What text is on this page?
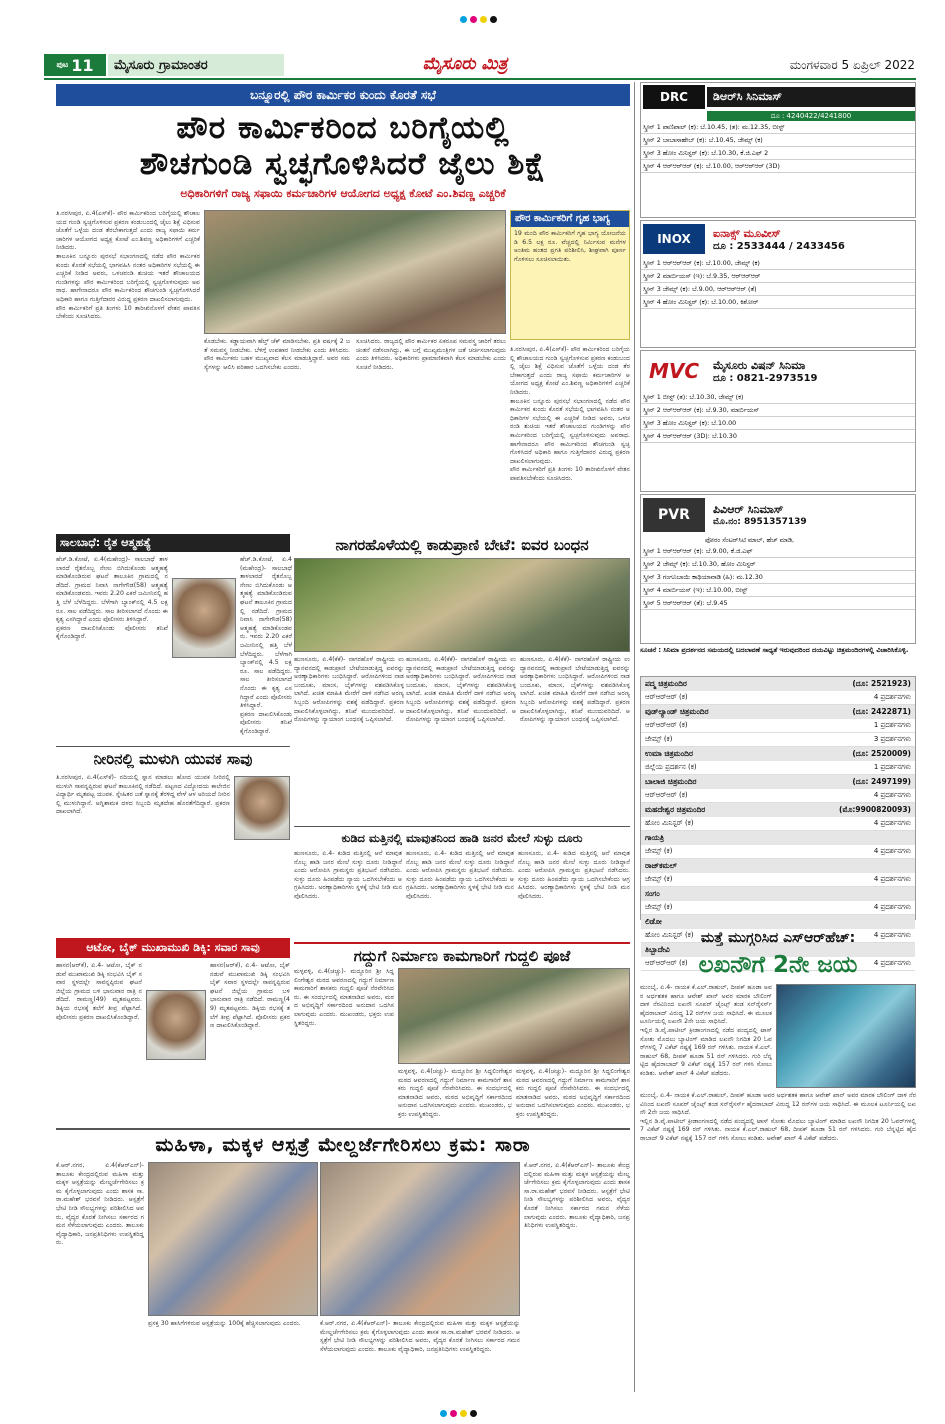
ಪುಟ 11	ಮೈಸೂರು ಗ್ರಾಮಾಂತರ	ಮೈಸೂರು ಮಿತ್ರ	ಮಂಗಳವಾರ 5 ಏಪ್ರಿಲ್ 2022
ಬನ್ನೂರಲ್ಲಿ ಪೌರ ಕಾರ್ಮಿಕರ ಕುಂದು ಕೊರತೆ ಸಭೆ
ಪೌರ ಕಾರ್ಮಿಕರಿಂದ ಬರಿಗೈಯಲ್ಲಿ
ಶೌಚಗುಂಡಿ ಸ್ವಚ್ಛಗೊಳಿಸಿದರೆ ಜೈಲು ಶಿಕ್ಷೆ
ಅಧಿಕಾರಿಗಳಿಗೆ ರಾಜ್ಯ ಸಫಾಯಿ ಕರ್ಮಚಾರಿಗಳ ಆಯೋಗದ ಅಧ್ಯಕ್ಷ ಕೋಟೆ ಎಂ.ಶಿವಣ್ಣ ಎಚ್ಚರಿಕೆ
ತಿ.ನರಸೀಪುರ, ಏ.4(ಎಸ್‌ಕೆ)- ಪೌರ ಕಾರ್ಮಿಕರಿಂದ ಬರಿಗೈಯಲ್ಲಿ ಶೌಚಾಲಯದ ಗುಂಡಿ ಸ್ವಚ್ಛಗೊಳಿಸುವ ಪ್ರಕರಣ ಕಂಡುಬಂದಲ್ಲಿ ಜೈಲು ಶಿಕ್ಷೆ ವಿಧಿಸುವ ಜೊತೆಗೆ ಒಳ್ಳೆಯ ದಂಡ ತೆರಬೇಕಾಗುತ್ತದೆ ಎಂದು ರಾಜ್ಯ ಸಫಾಯಿ ಕರ್ಮಚಾರಿಗಳ ಆಯೋಗದ ಅಧ್ಯಕ್ಷ ಕೋಟೆ ಎಂ.ಶಿವಣ್ಣ ಅಧಿಕಾರಿಗಳಿಗೆ ಎಚ್ಚರಿಕೆ ನೀಡಿದರು.
ತಾಲೂಕಿನ ಬನ್ನೂರು ಪುರಸಭೆ ಸಭಾಂಗಣದಲ್ಲಿ ನಡೆದ ಪೌರ ಕಾರ್ಮಿಕರ ಕುಂದು ಕೊರತೆ ಸಭೆಯಲ್ಲಿ ಭಾಗವಹಿಸಿ ನಂತರ ಅಧಿಕಾರಿಗಳ ಸಭೆಯಲ್ಲಿ ಈ ಎಚ್ಚರಿಕೆ ನೀಡಿದ ಅವರು, ಒಳಚರಂಡಿ ಶುಚಿಯ ಇತರೆ ಶೌಚಾಲಯದ ಗುಂಡಿಗಳನ್ನು ಪೌರ ಕಾರ್ಮಿಕರಿಂದ ಬರಿಗೈಯಲ್ಲಿ ಸ್ವಚ್ಛಗೊಳಿಸುವುದು ಅಪರಾಧ. ಹಾಗೇನಾದರೂ ಪೌರ ಕಾರ್ಮಿಕರಿಂದ ಶೌಚಗುಂಡಿ ಸ್ವಚ್ಛಗೊಳಿಸಿದರೆ ಅಧಿಕಾರಿ ಹಾಗೂ ಗುತ್ತಿಗೆದಾರರ ವಿರುದ್ಧ ಪ್ರಕರಣ ದಾಖಲಿಸಲಾಗುವುದು.
ಪೌರ ಕಾರ್ಮಿಕರಿಗೆ ಪ್ರತಿ ತಿಂಗಳು 10 ತಾರೀಖಿನೊಳಗೆ ವೇತನ ಪಾವತಿಸಬೇಕೆಂದು ಸೂಚಿಸಿದರು.
ಕೊಡಬೇಕು. ಕಡ್ಡಾಯವಾಗಿ ಹೆಲ್ತ್ ಚೆಕ್ ಮಾಡಿಸಬೇಕು. ಪ್ರತಿ ವರ್ಷಕ್ಕೆ 2 ಜತೆ ಸಮವಸ್ತ್ರ ನೀಡಬೇಕು. ಬೆಳಿಗ್ಗೆ ಉಪಹಾರ ನೀಡಬೇಕು ಎಂದು ತಿಳಿಸಿದರು. ಪೌರ ಕಾರ್ಮಿಕರು ಬಹಳ ಮುಖ್ಯವಾದ ಕೆಲಸ ಮಾಡುತ್ತಿದ್ದಾರೆ. ಅವರ ಸಮಸ್ಯೆಗಳನ್ನು ಆಲಿಸಿ ಪರಿಹಾರ ಒದಗಿಸಬೇಕು ಎಂದರು.
ಸೂಚಿಸಿದರು. ರಾಜ್ಯದಲ್ಲಿ ಪೌರ ಕಾರ್ಮಿಕರ ಏಕರೂಪ ಸಮವಸ್ತ್ರ ಜಾರಿಗೆ ತರಲು ಚಿಂತನೆ ನಡೆಸಲಾಗಿದ್ದು, ಈ ಬಗ್ಗೆ ಮುಖ್ಯಮಂತ್ರಿಗಳ ಜತೆ ಚರ್ಚಿಸಲಾಗುವುದು ಎಂದು ತಿಳಿಸಿದರು. ಅಧಿಕಾರಿಗಳು ಪ್ರಾಮಾಣಿಕವಾಗಿ ಕೆಲಸ ಮಾಡಬೇಕು ಎಂದು ಸೂಚನೆ ನೀಡಿದರು.
ಪೌರ ಕಾರ್ಮಿಕರಿಗೆ ಗೃಹ ಭಾಗ್ಯ
19 ಮಂದಿ ಪೌರ ಕಾರ್ಮಿಕರಿಗೆ ಗೃಹ ಭಾಗ್ಯ ಯೋಜನೆಯಡಿ 6.5 ಲಕ್ಷ ರೂ. ವೆಚ್ಚದಲ್ಲಿ ನಿರ್ಮಿಸುವ ಮನೆಗಳ ಅಂತಿಮ ಹಂತದ ಪ್ರಗತಿ ಪರಿಶೀಲಿಸಿ, ಶೀಘ್ರವಾಗಿ ಪೂರ್ಣಗೊಳಿಸಲು ಸೂಚಿಸಲಾಯಿತು.
ತಿ.ನರಸೀಪುರ, ಏ.4(ಎಸ್‌ಕೆ)- ಪೌರ ಕಾರ್ಮಿಕರಿಂದ ಬರಿಗೈಯಲ್ಲಿ ಶೌಚಾಲಯದ ಗುಂಡಿ ಸ್ವಚ್ಛಗೊಳಿಸುವ ಪ್ರಕರಣ ಕಂಡುಬಂದಲ್ಲಿ ಜೈಲು ಶಿಕ್ಷೆ ವಿಧಿಸುವ ಜೊತೆಗೆ ಒಳ್ಳೆಯ ದಂಡ ತೆರಬೇಕಾಗುತ್ತದೆ ಎಂದು ರಾಜ್ಯ ಸಫಾಯಿ ಕರ್ಮಚಾರಿಗಳ ಆಯೋಗದ ಅಧ್ಯಕ್ಷ ಕೋಟೆ ಎಂ.ಶಿವಣ್ಣ ಅಧಿಕಾರಿಗಳಿಗೆ ಎಚ್ಚರಿಕೆ ನೀಡಿದರು.
ತಾಲೂಕಿನ ಬನ್ನೂರು ಪುರಸಭೆ ಸಭಾಂಗಣದಲ್ಲಿ ನಡೆದ ಪೌರ ಕಾರ್ಮಿಕರ ಕುಂದು ಕೊರತೆ ಸಭೆಯಲ್ಲಿ ಭಾಗವಹಿಸಿ ನಂತರ ಅಧಿಕಾರಿಗಳ ಸಭೆಯಲ್ಲಿ ಈ ಎಚ್ಚರಿಕೆ ನೀಡಿದ ಅವರು, ಒಳಚರಂಡಿ ಶುಚಿಯ ಇತರೆ ಶೌಚಾಲಯದ ಗುಂಡಿಗಳನ್ನು ಪೌರ ಕಾರ್ಮಿಕರಿಂದ ಬರಿಗೈಯಲ್ಲಿ ಸ್ವಚ್ಛಗೊಳಿಸುವುದು ಅಪರಾಧ. ಹಾಗೇನಾದರೂ ಪೌರ ಕಾರ್ಮಿಕರಿಂದ ಶೌಚಗುಂಡಿ ಸ್ವಚ್ಛಗೊಳಿಸಿದರೆ ಅಧಿಕಾರಿ ಹಾಗೂ ಗುತ್ತಿಗೆದಾರರ ವಿರುದ್ಧ ಪ್ರಕರಣ ದಾಖಲಿಸಲಾಗುವುದು.
ಪೌರ ಕಾರ್ಮಿಕರಿಗೆ ಪ್ರತಿ ತಿಂಗಳು 10 ತಾರೀಖಿನೊಳಗೆ ವೇತನ ಪಾವತಿಸಬೇಕೆಂದು ಸೂಚಿಸಿದರು.
ಸಾಲಬಾಧೆ: ರೈತ ಆತ್ಮಹತ್ಯೆ
ಹೆಚ್.ಡಿ.ಕೋಟೆ, ಏ.4(ಮಹೇಂದ್ರ)- ಸಾಲಬಾಧೆ ತಾಳಲಾರದೆ ರೈತನೊಬ್ಬ ನೇಣು ಬಿಗಿದುಕೊಂಡು ಆತ್ಮಹತ್ಯೆ ಮಾಡಿಕೊಂಡಿರುವ ಘಟನೆ ತಾಲೂಕಿನ ಗ್ರಾಮದಲ್ಲಿ ನಡೆದಿದೆ. ಗ್ರಾಮದ ನಿವಾಸಿ ನಾಗೇಗೌಡ(58) ಆತ್ಮಹತ್ಯೆ ಮಾಡಿಕೊಂಡವರು. ಇವರು 2.20 ಎಕರೆ ಜಮೀನಿನಲ್ಲಿ ಹತ್ತಿ ಬೆಳೆ ಬೆಳೆದಿದ್ದರು. ಬೆಳೆಗಾಗಿ ಬ್ಯಾಂಕ್‌ನಲ್ಲಿ 4.5 ಲಕ್ಷ ರೂ. ಸಾಲ ಪಡೆದಿದ್ದರು. ಸಾಲ ತೀರಿಸಲಾಗದೆ ನೊಂದು ಈ ಕೃತ್ಯ ಎಸಗಿದ್ದಾರೆ ಎಂದು ಪೊಲೀಸರು ತಿಳಿಸಿದ್ದಾರೆ.
ಪ್ರಕರಣ ದಾಖಲಿಸಿಕೊಂಡು ಪೊಲೀಸರು ತನಿಖೆ ಕೈಗೊಂಡಿದ್ದಾರೆ.
ಹೆಚ್.ಡಿ.ಕೋಟೆ, ಏ.4(ಮಹೇಂದ್ರ)- ಸಾಲಬಾಧೆ ತಾಳಲಾರದೆ ರೈತನೊಬ್ಬ ನೇಣು ಬಿಗಿದುಕೊಂಡು ಆತ್ಮಹತ್ಯೆ ಮಾಡಿಕೊಂಡಿರುವ ಘಟನೆ ತಾಲೂಕಿನ ಗ್ರಾಮದಲ್ಲಿ ನಡೆದಿದೆ. ಗ್ರಾಮದ ನಿವಾಸಿ ನಾಗೇಗೌಡ(58) ಆತ್ಮಹತ್ಯೆ ಮಾಡಿಕೊಂಡವರು. ಇವರು 2.20 ಎಕರೆ ಜಮೀನಿನಲ್ಲಿ ಹತ್ತಿ ಬೆಳೆ ಬೆಳೆದಿದ್ದರು. ಬೆಳೆಗಾಗಿ ಬ್ಯಾಂಕ್‌ನಲ್ಲಿ 4.5 ಲಕ್ಷ ರೂ. ಸಾಲ ಪಡೆದಿದ್ದರು. ಸಾಲ ತೀರಿಸಲಾಗದೆ ನೊಂದು ಈ ಕೃತ್ಯ ಎಸಗಿದ್ದಾರೆ ಎಂದು ಪೊಲೀಸರು ತಿಳಿಸಿದ್ದಾರೆ.
ಪ್ರಕರಣ ದಾಖಲಿಸಿಕೊಂಡು ಪೊಲೀಸರು ತನಿಖೆ ಕೈಗೊಂಡಿದ್ದಾರೆ.
ನೀರಿನಲ್ಲಿ ಮುಳುಗಿ ಯುವಕ ಸಾವು
ತಿ.ನರಸೀಪುರ, ಏ.4(ಎಸ್‌ಕೆ)- ನದಿಯಲ್ಲಿ ಸ್ನಾನ ಮಾಡಲು ಹೋದ ಯುವಕ ನೀರಿನಲ್ಲಿ ಮುಳುಗಿ ಸಾವನ್ನಪ್ಪಿರುವ ಘಟನೆ ತಾಲೂಕಿನಲ್ಲಿ ನಡೆದಿದೆ. ಪಟ್ಟಣದ ವಿದ್ಯೋದಯ ಕಾಲೇಜಿನ ವಿದ್ಯಾರ್ಥಿ ಮೃತಪಟ್ಟ ಯುವಕ. ಸ್ನೇಹಿತರ ಜತೆ ಸ್ನಾನಕ್ಕೆ ತೆರಳಿದ್ದ ವೇಳೆ ಆಳ ಅರಿಯದೆ ನೀರಿನಲ್ಲಿ ಮುಳುಗಿದ್ದಾನೆ. ಅಗ್ನಿಶಾಮಕ ದಳದ ಸಿಬ್ಬಂದಿ ಮೃತದೇಹ ಹೊರತೆಗೆದಿದ್ದಾರೆ. ಪ್ರಕರಣ ದಾಖಲಾಗಿದೆ.
ಆಟೋ, ಬೈಕ್ ಮುಖಾಮುಖಿ ಡಿಕ್ಕಿ: ಸವಾರ ಸಾವು
ಹಾಸನ(ಆರ್‌ಕೆ), ಏ.4- ಆಟೋ, ಬೈಕ್ ನಡುವೆ ಮುಖಾಮುಖಿ ಡಿಕ್ಕಿ ಸಂಭವಿಸಿ ಬೈಕ್ ಸವಾರ ಸ್ಥಳದಲ್ಲೇ ಸಾವನ್ನಪ್ಪಿರುವ ಘಟನೆ ಜಿಲ್ಲೆಯ ಗ್ರಾಮದ ಬಳಿ ಭಾನುವಾರ ರಾತ್ರಿ ನಡೆದಿದೆ. ರಾಮಣ್ಣ(49) ಮೃತಪಟ್ಟವರು. ಡಿಕ್ಕಿಯ ರಭಸಕ್ಕೆ ತಲೆಗೆ ತೀವ್ರ ಪೆಟ್ಟಾಗಿದೆ. ಪೊಲೀಸರು ಪ್ರಕರಣ ದಾಖಲಿಸಿಕೊಂಡಿದ್ದಾರೆ.
ಹಾಸನ(ಆರ್‌ಕೆ), ಏ.4- ಆಟೋ, ಬೈಕ್ ನಡುವೆ ಮುಖಾಮುಖಿ ಡಿಕ್ಕಿ ಸಂಭವಿಸಿ ಬೈಕ್ ಸವಾರ ಸ್ಥಳದಲ್ಲೇ ಸಾವನ್ನಪ್ಪಿರುವ ಘಟನೆ ಜಿಲ್ಲೆಯ ಗ್ರಾಮದ ಬಳಿ ಭಾನುವಾರ ರಾತ್ರಿ ನಡೆದಿದೆ. ರಾಮಣ್ಣ(49) ಮೃತಪಟ್ಟವರು. ಡಿಕ್ಕಿಯ ರಭಸಕ್ಕೆ ತಲೆಗೆ ತೀವ್ರ ಪೆಟ್ಟಾಗಿದೆ. ಪೊಲೀಸರು ಪ್ರಕರಣ ದಾಖಲಿಸಿಕೊಂಡಿದ್ದಾರೆ.
ನಾಗರಹೊಳೆಯಲ್ಲಿ ಕಾಡುಪ್ರಾಣಿ ಬೇಟೆ: ಐವರ ಬಂಧನ
ಹುಣಸೂರು, ಏ.4(ಕೆಕೆ)- ನಾಗರಹೊಳೆ ರಾಷ್ಟ್ರೀಯ ಉದ್ಯಾನವನದಲ್ಲಿ ಕಾಡುಪ್ರಾಣಿ ಬೇಟೆಯಾಡುತ್ತಿದ್ದ ಐವರನ್ನು ಅರಣ್ಯಾಧಿಕಾರಿಗಳು ಬಂಧಿಸಿದ್ದಾರೆ. ಆರೋಪಿಗಳಿಂದ ನಾಡ ಬಂದೂಕು, ಮಾಂಸ, ಬೈಕ್‌ಗಳನ್ನು ವಶಪಡಿಸಿಕೊಳ್ಳಲಾಗಿದೆ. ಖಚಿತ ಮಾಹಿತಿ ಮೇರೆಗೆ ದಾಳಿ ನಡೆಸಿದ ಅರಣ್ಯ ಸಿಬ್ಬಂದಿ ಆರೋಪಿಗಳನ್ನು ವಶಕ್ಕೆ ಪಡೆದಿದ್ದಾರೆ. ಪ್ರಕರಣ ದಾಖಲಿಸಿಕೊಳ್ಳಲಾಗಿದ್ದು, ತನಿಖೆ ಮುಂದುವರಿದಿದೆ. ಆರೋಪಿಗಳನ್ನು ನ್ಯಾಯಾಂಗ ಬಂಧನಕ್ಕೆ ಒಪ್ಪಿಸಲಾಗಿದೆ.
ಹುಣಸೂರು, ಏ.4(ಕೆಕೆ)- ನಾಗರಹೊಳೆ ರಾಷ್ಟ್ರೀಯ ಉದ್ಯಾನವನದಲ್ಲಿ ಕಾಡುಪ್ರಾಣಿ ಬೇಟೆಯಾಡುತ್ತಿದ್ದ ಐವರನ್ನು ಅರಣ್ಯಾಧಿಕಾರಿಗಳು ಬಂಧಿಸಿದ್ದಾರೆ. ಆರೋಪಿಗಳಿಂದ ನಾಡ ಬಂದೂಕು, ಮಾಂಸ, ಬೈಕ್‌ಗಳನ್ನು ವಶಪಡಿಸಿಕೊಳ್ಳಲಾಗಿದೆ. ಖಚಿತ ಮಾಹಿತಿ ಮೇರೆಗೆ ದಾಳಿ ನಡೆಸಿದ ಅರಣ್ಯ ಸಿಬ್ಬಂದಿ ಆರೋಪಿಗಳನ್ನು ವಶಕ್ಕೆ ಪಡೆದಿದ್ದಾರೆ. ಪ್ರಕರಣ ದಾಖಲಿಸಿಕೊಳ್ಳಲಾಗಿದ್ದು, ತನಿಖೆ ಮುಂದುವರಿದಿದೆ. ಆರೋಪಿಗಳನ್ನು ನ್ಯಾಯಾಂಗ ಬಂಧನಕ್ಕೆ ಒಪ್ಪಿಸಲಾಗಿದೆ.
ಹುಣಸೂರು, ಏ.4(ಕೆಕೆ)- ನಾಗರಹೊಳೆ ರಾಷ್ಟ್ರೀಯ ಉದ್ಯಾನವನದಲ್ಲಿ ಕಾಡುಪ್ರಾಣಿ ಬೇಟೆಯಾಡುತ್ತಿದ್ದ ಐವರನ್ನು ಅರಣ್ಯಾಧಿಕಾರಿಗಳು ಬಂಧಿಸಿದ್ದಾರೆ. ಆರೋಪಿಗಳಿಂದ ನಾಡ ಬಂದೂಕು, ಮಾಂಸ, ಬೈಕ್‌ಗಳನ್ನು ವಶಪಡಿಸಿಕೊಳ್ಳಲಾಗಿದೆ. ಖಚಿತ ಮಾಹಿತಿ ಮೇರೆಗೆ ದಾಳಿ ನಡೆಸಿದ ಅರಣ್ಯ ಸಿಬ್ಬಂದಿ ಆರೋಪಿಗಳನ್ನು ವಶಕ್ಕೆ ಪಡೆದಿದ್ದಾರೆ. ಪ್ರಕರಣ ದಾಖಲಿಸಿಕೊಳ್ಳಲಾಗಿದ್ದು, ತನಿಖೆ ಮುಂದುವರಿದಿದೆ. ಆರೋಪಿಗಳನ್ನು ನ್ಯಾಯಾಂಗ ಬಂಧನಕ್ಕೆ ಒಪ್ಪಿಸಲಾಗಿದೆ.
ಕುಡಿದ ಮತ್ತಿನಲ್ಲಿ ಮಾವುತನಿಂದ ಹಾಡಿ ಜನರ ಮೇಲೆ ಸುಳ್ಳು ದೂರು
ಹುಣಸೂರು, ಏ.4- ಕುಡಿದ ಮತ್ತಿನಲ್ಲಿ ಆನೆ ಮಾವುತ ನೊಬ್ಬ ಹಾಡಿ ಜನರ ಮೇಲೆ ಸುಳ್ಳು ದೂರು ನೀಡಿದ್ದಾನೆ ಎಂದು ಆರೋಪಿಸಿ ಗ್ರಾಮಸ್ಥರು ಪ್ರತಿಭಟನೆ ನಡೆಸಿದರು. ಸುಳ್ಳು ದೂರು ಹಿಂಪಡೆದು ನ್ಯಾಯ ಒದಗಿಸಬೇಕೆಂದು ಆಗ್ರಹಿಸಿದರು. ಅರಣ್ಯಾಧಿಕಾರಿಗಳು ಸ್ಥಳಕ್ಕೆ ಭೇಟಿ ನೀಡಿ ಮನವೊಲಿಸಿದರು.
ಹುಣಸೂರು, ಏ.4- ಕುಡಿದ ಮತ್ತಿನಲ್ಲಿ ಆನೆ ಮಾವುತ ನೊಬ್ಬ ಹಾಡಿ ಜನರ ಮೇಲೆ ಸುಳ್ಳು ದೂರು ನೀಡಿದ್ದಾನೆ ಎಂದು ಆರೋಪಿಸಿ ಗ್ರಾಮಸ್ಥರು ಪ್ರತಿಭಟನೆ ನಡೆಸಿದರು. ಸುಳ್ಳು ದೂರು ಹಿಂಪಡೆದು ನ್ಯಾಯ ಒದಗಿಸಬೇಕೆಂದು ಆಗ್ರಹಿಸಿದರು. ಅರಣ್ಯಾಧಿಕಾರಿಗಳು ಸ್ಥಳಕ್ಕೆ ಭೇಟಿ ನೀಡಿ ಮನವೊಲಿಸಿದರು.
ಹುಣಸೂರು, ಏ.4- ಕುಡಿದ ಮತ್ತಿನಲ್ಲಿ ಆನೆ ಮಾವುತ ನೊಬ್ಬ ಹಾಡಿ ಜನರ ಮೇಲೆ ಸುಳ್ಳು ದೂರು ನೀಡಿದ್ದಾನೆ ಎಂದು ಆರೋಪಿಸಿ ಗ್ರಾಮಸ್ಥರು ಪ್ರತಿಭಟನೆ ನಡೆಸಿದರು. ಸುಳ್ಳು ದೂರು ಹಿಂಪಡೆದು ನ್ಯಾಯ ಒದಗಿಸಬೇಕೆಂದು ಆಗ್ರಹಿಸಿದರು. ಅರಣ್ಯಾಧಿಕಾರಿಗಳು ಸ್ಥಳಕ್ಕೆ ಭೇಟಿ ನೀಡಿ ಮನವೊಲಿಸಿದರು.
ಗದ್ದುಗೆ ನಿರ್ಮಾಣ ಕಾಮಗಾರಿಗೆ ಗುದ್ದಲಿ ಪೂಜೆ
ಮಳ್ಳವಳ್ಳಿ, ಏ.4(ಚಚ್ಚು)- ಮದ್ದೂರಿನ ಶ್ರೀ ಸಿದ್ದಲಿಂಗೇಶ್ವರ ಮಠದ ಆವರಣದಲ್ಲಿ ಗದ್ದುಗೆ ನಿರ್ಮಾಣ ಕಾಮಗಾರಿಗೆ ಶಾಸಕರು ಗುದ್ದಲಿ ಪೂಜೆ ನೆರವೇರಿಸಿದರು. ಈ ಸಂದರ್ಭದಲ್ಲಿ ಮಾತನಾಡಿದ ಅವರು, ಮಠದ ಅಭಿವೃದ್ಧಿಗೆ ಸರ್ಕಾರದಿಂದ ಅನುದಾನ ಒದಗಿಸಲಾಗುವುದು ಎಂದರು. ಮುಖಂಡರು, ಭಕ್ತರು ಉಪಸ್ಥಿತರಿದ್ದರು.
ಮಳ್ಳವಳ್ಳಿ, ಏ.4(ಚಚ್ಚು)- ಮದ್ದೂರಿನ ಶ್ರೀ ಸಿದ್ದಲಿಂಗೇಶ್ವರ ಮಠದ ಆವರಣದಲ್ಲಿ ಗದ್ದುಗೆ ನಿರ್ಮಾಣ ಕಾಮಗಾರಿಗೆ ಶಾಸಕರು ಗುದ್ದಲಿ ಪೂಜೆ ನೆರವೇರಿಸಿದರು. ಈ ಸಂದರ್ಭದಲ್ಲಿ ಮಾತನಾಡಿದ ಅವರು, ಮಠದ ಅಭಿವೃದ್ಧಿಗೆ ಸರ್ಕಾರದಿಂದ ಅನುದಾನ ಒದಗಿಸಲಾಗುವುದು ಎಂದರು. ಮುಖಂಡರು, ಭಕ್ತರು ಉಪಸ್ಥಿತರಿದ್ದರು.
ಮಳ್ಳವಳ್ಳಿ, ಏ.4(ಚಚ್ಚು)- ಮದ್ದೂರಿನ ಶ್ರೀ ಸಿದ್ದಲಿಂಗೇಶ್ವರ ಮಠದ ಆವರಣದಲ್ಲಿ ಗದ್ದುಗೆ ನಿರ್ಮಾಣ ಕಾಮಗಾರಿಗೆ ಶಾಸಕರು ಗುದ್ದಲಿ ಪೂಜೆ ನೆರವೇರಿಸಿದರು. ಈ ಸಂದರ್ಭದಲ್ಲಿ ಮಾತನಾಡಿದ ಅವರು, ಮಠದ ಅಭಿವೃದ್ಧಿಗೆ ಸರ್ಕಾರದಿಂದ ಅನುದಾನ ಒದಗಿಸಲಾಗುವುದು ಎಂದರು. ಮುಖಂಡರು, ಭಕ್ತರು ಉಪಸ್ಥಿತರಿದ್ದರು.
ಮಹಿಳಾ, ಮಕ್ಕಳ ಆಸ್ಪತ್ರೆ ಮೇಲ್ದರ್ಜೆಗೇರಿಸಲು ಕ್ರಮ: ಸಾರಾ
ಕೆ.ಆರ್.ನಗರ, ಏ.4(ಕೆಆರ್‌ಎನ್)- ತಾಲೂಕು ಕೇಂದ್ರದಲ್ಲಿರುವ ಮಹಿಳಾ ಮತ್ತು ಮಕ್ಕಳ ಆಸ್ಪತ್ರೆಯನ್ನು ಮೇಲ್ದರ್ಜೆಗೇರಿಸಲು ಕ್ರಮ ಕೈಗೊಳ್ಳಲಾಗುವುದು ಎಂದು ಶಾಸಕ ಸಾ.ರಾ.ಮಹೇಶ್ ಭರವಸೆ ನೀಡಿದರು. ಆಸ್ಪತ್ರೆಗೆ ಭೇಟಿ ನೀಡಿ ಸೌಲಭ್ಯಗಳನ್ನು ಪರಿಶೀಲಿಸಿದ ಅವರು, ವೈದ್ಯರ ಕೊರತೆ ನೀಗಿಸಲು ಸರ್ಕಾರದ ಗಮನ ಸೆಳೆಯಲಾಗುವುದು ಎಂದರು. ತಾಲೂಕು ವೈದ್ಯಾಧಿಕಾರಿ, ಜನಪ್ರತಿನಿಧಿಗಳು ಉಪಸ್ಥಿತರಿದ್ದರು.
ಪ್ರಸಕ್ತ 30 ಹಾಸಿಗೆಗಳಿರುವ ಆಸ್ಪತ್ರೆಯನ್ನು 100ಕ್ಕೆ ಹೆಚ್ಚಿಸಲಾಗುವುದು ಎಂದರು.	ಕೆ.ಆರ್.ನಗರ, ಏ.4(ಕೆಆರ್‌ಎನ್)- ತಾಲೂಕು ಕೇಂದ್ರದಲ್ಲಿರುವ ಮಹಿಳಾ ಮತ್ತು ಮಕ್ಕಳ ಆಸ್ಪತ್ರೆಯನ್ನು ಮೇಲ್ದರ್ಜೆಗೇರಿಸಲು ಕ್ರಮ ಕೈಗೊಳ್ಳಲಾಗುವುದು ಎಂದು ಶಾಸಕ ಸಾ.ರಾ.ಮಹೇಶ್ ಭರವಸೆ ನೀಡಿದರು. ಆಸ್ಪತ್ರೆಗೆ ಭೇಟಿ ನೀಡಿ ಸೌಲಭ್ಯಗಳನ್ನು ಪರಿಶೀಲಿಸಿದ ಅವರು, ವೈದ್ಯರ ಕೊರತೆ ನೀಗಿಸಲು ಸರ್ಕಾರದ ಗಮನ ಸೆಳೆಯಲಾಗುವುದು ಎಂದರು. ತಾಲೂಕು ವೈದ್ಯಾಧಿಕಾರಿ, ಜನಪ್ರತಿನಿಧಿಗಳು ಉಪಸ್ಥಿತರಿದ್ದರು.
ಕೆ.ಆರ್.ನಗರ, ಏ.4(ಕೆಆರ್‌ಎನ್)- ತಾಲೂಕು ಕೇಂದ್ರದಲ್ಲಿರುವ ಮಹಿಳಾ ಮತ್ತು ಮಕ್ಕಳ ಆಸ್ಪತ್ರೆಯನ್ನು ಮೇಲ್ದರ್ಜೆಗೇರಿಸಲು ಕ್ರಮ ಕೈಗೊಳ್ಳಲಾಗುವುದು ಎಂದು ಶಾಸಕ ಸಾ.ರಾ.ಮಹೇಶ್ ಭರವಸೆ ನೀಡಿದರು. ಆಸ್ಪತ್ರೆಗೆ ಭೇಟಿ ನೀಡಿ ಸೌಲಭ್ಯಗಳನ್ನು ಪರಿಶೀಲಿಸಿದ ಅವರು, ವೈದ್ಯರ ಕೊರತೆ ನೀಗಿಸಲು ಸರ್ಕಾರದ ಗಮನ ಸೆಳೆಯಲಾಗುವುದು ಎಂದರು. ತಾಲೂಕು ವೈದ್ಯಾಧಿಕಾರಿ, ಜನಪ್ರತಿನಿಧಿಗಳು ಉಪಸ್ಥಿತರಿದ್ದರು.
DRC	ಡಿಆರ್‌ಸಿ ಸಿನಿಮಾಸ್
ದೂ : 4240422/4241800
ಸ್ಕ್ರೀನ್ 1 ಪಾಣಿಪಾಲ್ (ಕ): ಬೆ.10.45, (ತ): ಮ.12.35, ಬೀಸ್ಟ್
ಸ್ಕ್ರೀನ್ 2 ಬಾಬಾಸಾಹೇಬ್ (ಕ): ಬೆ.10.45, ಜೇಮ್ಸ್ (ಕ)
ಸ್ಕ್ರೀನ್ 3 ಹೋಂ ಮಿನಿಸ್ಟರ್ (ಕ): ಬೆ.10.30, ಕೆ.ಜಿ.ಎಫ್ 2
ಸ್ಕ್ರೀನ್ 4 ಆರ್‌ಆರ್‌ಆರ್ (ಕ): ಬೆ.10.00, ಆರ್‌ಆರ್‌ಆರ್ (3D)
INOX	ಐನಾಕ್ಸ್ ಮೂವೀಸ್
ದೂ : 2533444 / 2433456
ಸ್ಕ್ರೀನ್ 1 ಆರ್‌ಆರ್‌ಆರ್ (ಕ): ಬೆ.10.00, ಜೇಮ್ಸ್ (ಕ)
ಸ್ಕ್ರೀನ್ 2 ಮಾರ್ಬಿಯಸ್ (ಇ): ಬೆ.9.35, ಆರ್‌ಆರ್‌ಆರ್
ಸ್ಕ್ರೀನ್ 3 ಜೇಮ್ಸ್ (ಕ): ಬೆ.9.00, ಆರ್‌ಆರ್‌ಆರ್ (ತೆ)
ಸ್ಕ್ರೀನ್ 4 ಹೋಂ ಮಿನಿಸ್ಟರ್ (ಕ): ಬೆ.10.00, ಕಿಶೋರ್
MVC	ಮೈಸೂರು ವಿಷನ್ ಸಿನಿಮಾ
ದೂ : 0821-2973519
ಸ್ಕ್ರೀನ್ 1 ಬೀಸ್ಟ್ (ತ): ಬೆ.10.30, ಜೇಮ್ಸ್ (ಕ)
ಸ್ಕ್ರೀನ್ 2 ಆರ್‌ಆರ್‌ಆರ್ (ಕ): ಬೆ.9.30, ಮಾರ್ಬಿಯಸ್
ಸ್ಕ್ರೀನ್ 3 ಹೋಂ ಮಿನಿಸ್ಟರ್ (ಕ): ಬೆ.10.00
ಸ್ಕ್ರೀನ್ 4 ಆರ್‌ಆರ್‌ಆರ್ (3D): ಬೆ.10.30
PVR	ಪಿವಿಆರ್ ಸಿನಿಮಾಸ್
ಮೊ.ನಂ: 8951357139
ಫೋರಂ ಸೆಂಟರ್‌ಸಿಟಿ ಮಾಲ್, ಹೆಚ್ ಮಾಡಿ,
ಸ್ಕ್ರೀನ್ 1 ಆರ್‌ಆರ್‌ಆರ್ (ಕ): ಬೆ.9.00, ಕೆ.ಜಿ.ಎಫ್
ಸ್ಕ್ರೀನ್ 2 ಜೇಮ್ಸ್ (ಕ): ಬೆ.10.30, ಹೋಂ ಮಿನಿಸ್ಟರ್
ಸ್ಕ್ರೀನ್ 3 ಗಂಗೂಬಾಯಿ ಕಾಥಿಯಾವಾಡಿ (ಹಿ): ಮ.12.30
ಸ್ಕ್ರೀನ್ 4 ಮಾರ್ಬಿಯಸ್ (ಇ): ಬೆ.10.00, ಬೀಸ್ಟ್
ಸ್ಕ್ರೀನ್ 5 ಆರ್‌ಆರ್‌ಆರ್ (ತೆ): ಬೆ.9.45
ಸೂಚನೆ : ಸಿನಿಮಾ ಪ್ರದರ್ಶನದ ಸಮಯದಲ್ಲಿ ಬದಲಾವಣೆ ಸಾಧ್ಯತೆ ಇರುವುದರಿಂದ ದಯವಿಟ್ಟು ಚಿತ್ರಮಂದಿರಗಳಲ್ಲಿ ವಿಚಾರಿಸಿಕೊಳ್ಳಿ.
ಪದ್ಮ ಚಿತ್ರಮಂದಿರ	(ದೂ: 2521923)
ಆರ್‌ಆರ್‌ಆರ್ (ಕ)	4 ಪ್ರದರ್ಶನಗಳು
ವುಡ್‌ಲ್ಯಾಂಡ್ ಚಿತ್ರಮಂದಿರ	(ದೂ: 2422871)
ಆರ್‌ಆರ್‌ಆರ್ (ಕ)	1 ಪ್ರದರ್ಶನಗಳು
ಜೇಮ್ಸ್ (ಕ)	3 ಪ್ರದರ್ಶನಗಳು
ಉಮಾ ಚಿತ್ರಮಂದಿರ	(ದೂ: 2520009)
ಜಿಲ್ಲೆಯ ಪ್ರದರ್ಶನ (ಕ)	1 ಪ್ರದರ್ಶನಗಳು
ಬಾಲಾಜಿ ಚಿತ್ರಮಂದಿರ	(ದೂ: 2497199)
ಆರ್‌ಆರ್‌ಆರ್ (ಕ)	4 ಪ್ರದರ್ಶನಗಳು
ಮಹದೇಶ್ವರ ಚಿತ್ರಮಂದಿರ	(ಮೊ:9900820093)
ಹೋಂ ಮಿನಿಸ್ಟರ್ (ಕ)	4 ಪ್ರದರ್ಶನಗಳು
ಗಾಯತ್ರಿ
ಜೇಮ್ಸ್ (ಕ)	4 ಪ್ರದರ್ಶನಗಳು
ರಾಜ್‌ಕಮಲ್
ಜೇಮ್ಸ್ (ಕ)	4 ಪ್ರದರ್ಶನಗಳು
ಸಂಗಂ
ಜೇಮ್ಸ್ (ಕ)	4 ಪ್ರದರ್ಶನಗಳು
ಲಿಡೋ
ಹೋಂ ಮಿನಿಸ್ಟರ್ (ಕ)	4 ಪ್ರದರ್ಶನಗಳು
ತಿಬ್ಬಾದೇವಿ
ಆರ್‌ಆರ್‌ಆರ್ (ಕ)	4 ಪ್ರದರ್ಶನಗಳು
ಮತ್ತೆ ಮುಗ್ಗರಿಸಿದ ಎಸ್‌ಆರ್‌ಹೆಚ್:
ಲಖನೌಗೆ 2ನೇ ಜಯ
ಮುಂಬೈ, ಏ.4- ನಾಯಕ ಕೆ.ಎಲ್.ರಾಹುಲ್, ದೀಪಕ್ ಹೂಡಾ ಅವರ ಅರ್ಧಶತಕ ಹಾಗೂ ಆವೇಶ್ ಖಾನ್ ಅವರ ಮಾರಕ ಬೌಲಿಂಗ್ ದಾಳಿ ನೆರವಿನಿಂದ ಲಖನೌ ಸೂಪರ್ ಜೈಂಟ್ಸ್ ತಂಡ ಸನ್‌ರೈಸರ್ಸ್ ಹೈದರಾಬಾದ್ ವಿರುದ್ಧ 12 ರನ್‌ಗಳ ಜಯ ಸಾಧಿಸಿದೆ. ಈ ಮೂಲಕ ಟೂರ್ನಿಯಲ್ಲಿ ಲಖನೌ 2ನೇ ಜಯ ಸಾಧಿಸಿದೆ.
ಇಲ್ಲಿನ ಡಿ.ವೈ.ಪಾಟೀಲ್ ಕ್ರೀಡಾಂಗಣದಲ್ಲಿ ನಡೆದ ಪಂದ್ಯದಲ್ಲಿ ಟಾಸ್ ಸೋತು ಮೊದಲು ಬ್ಯಾಟಿಂಗ್ ಮಾಡಿದ ಲಖನೌ ನಿಗದಿತ 20 ಓವರ್‌ಗಳಲ್ಲಿ 7 ವಿಕೆಟ್ ನಷ್ಟಕ್ಕೆ 169 ರನ್ ಗಳಿಸಿತು. ನಾಯಕ ಕೆ.ಎಲ್.ರಾಹುಲ್ 68, ದೀಪಕ್ ಹೂಡಾ 51 ರನ್ ಗಳಿಸಿದರು. ಗುರಿ ಬೆನ್ನಟ್ಟಿದ ಹೈದರಾಬಾದ್ 9 ವಿಕೆಟ್ ನಷ್ಟಕ್ಕೆ 157 ರನ್ ಗಳಿಸಿ ಸೋಲು ಕಂಡಿತು. ಆವೇಶ್ ಖಾನ್ 4 ವಿಕೆಟ್ ಪಡೆದರು.
ಮುಂಬೈ, ಏ.4- ನಾಯಕ ಕೆ.ಎಲ್.ರಾಹುಲ್, ದೀಪಕ್ ಹೂಡಾ ಅವರ ಅರ್ಧಶತಕ ಹಾಗೂ ಆವೇಶ್ ಖಾನ್ ಅವರ ಮಾರಕ ಬೌಲಿಂಗ್ ದಾಳಿ ನೆರವಿನಿಂದ ಲಖನೌ ಸೂಪರ್ ಜೈಂಟ್ಸ್ ತಂಡ ಸನ್‌ರೈಸರ್ಸ್ ಹೈದರಾಬಾದ್ ವಿರುದ್ಧ 12 ರನ್‌ಗಳ ಜಯ ಸಾಧಿಸಿದೆ. ಈ ಮೂಲಕ ಟೂರ್ನಿಯಲ್ಲಿ ಲಖನೌ 2ನೇ ಜಯ ಸಾಧಿಸಿದೆ.
ಇಲ್ಲಿನ ಡಿ.ವೈ.ಪಾಟೀಲ್ ಕ್ರೀಡಾಂಗಣದಲ್ಲಿ ನಡೆದ ಪಂದ್ಯದಲ್ಲಿ ಟಾಸ್ ಸೋತು ಮೊದಲು ಬ್ಯಾಟಿಂಗ್ ಮಾಡಿದ ಲಖನೌ ನಿಗದಿತ 20 ಓವರ್‌ಗಳಲ್ಲಿ 7 ವಿಕೆಟ್ ನಷ್ಟಕ್ಕೆ 169 ರನ್ ಗಳಿಸಿತು. ನಾಯಕ ಕೆ.ಎಲ್.ರಾಹುಲ್ 68, ದೀಪಕ್ ಹೂಡಾ 51 ರನ್ ಗಳಿಸಿದರು. ಗುರಿ ಬೆನ್ನಟ್ಟಿದ ಹೈದರಾಬಾದ್ 9 ವಿಕೆಟ್ ನಷ್ಟಕ್ಕೆ 157 ರನ್ ಗಳಿಸಿ ಸೋಲು ಕಂಡಿತು. ಆವೇಶ್ ಖಾನ್ 4 ವಿಕೆಟ್ ಪಡೆದರು.
